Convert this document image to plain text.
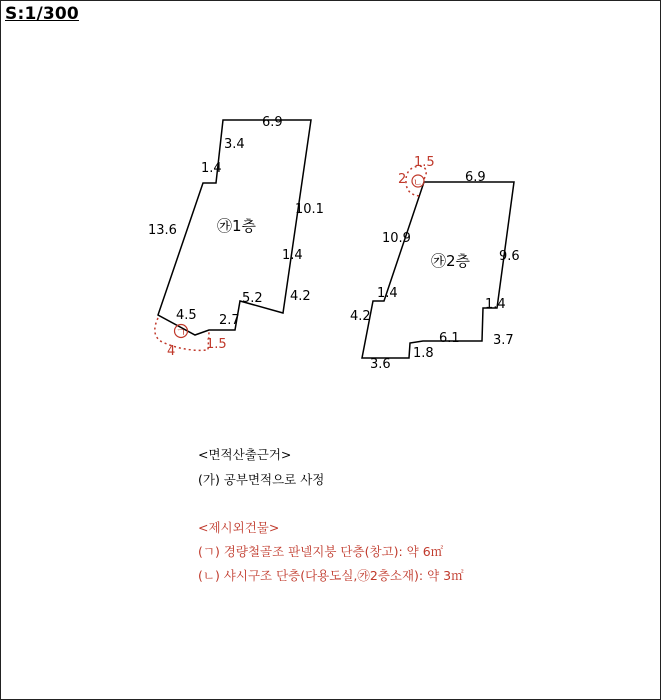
S:1/300
㉮1층
6.9
3.4
1.4
13.6
10.1
1.4
4.2
5.2
2.7
4.5
㉮2층
6.9
10.9
9.6
1.4
1.4
4.2
6.1	3.7
1.8
3.6
ㄱ
4 1.5
ㄴ
1.5
2
<면적산출근거>
(가) 공부면적으로 사정
<제시외건물>
(ㄱ) 경량철골조 판넬지붕 단층(창고): 약 6㎡
(ㄴ) 샤시구조 단층(다용도실,㉮2층소재): 약 3㎡
